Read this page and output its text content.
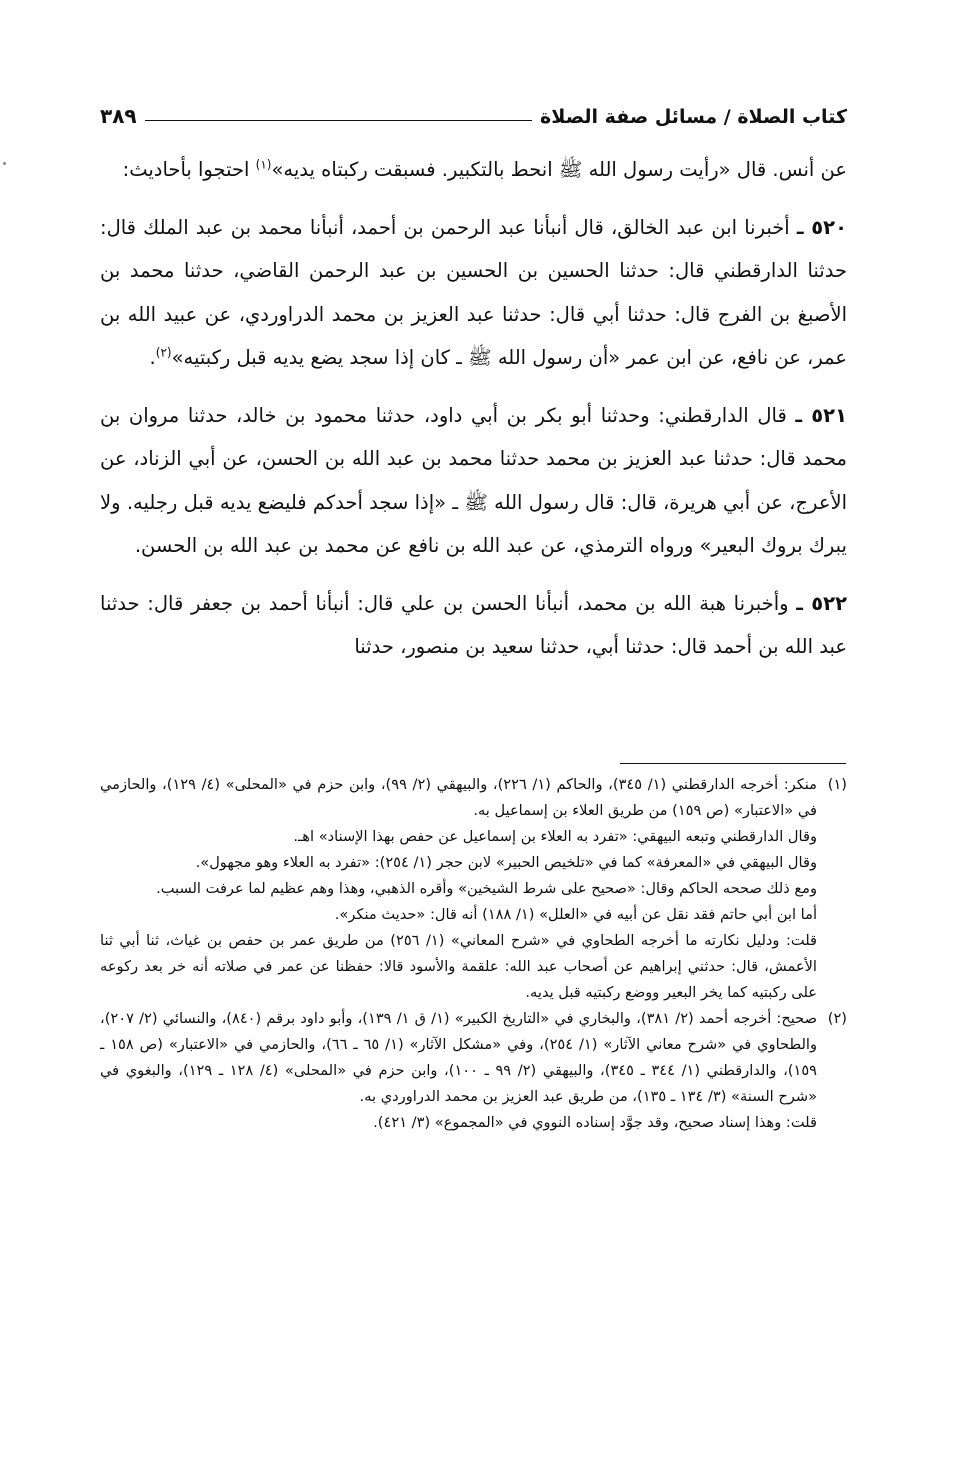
كتاب الصلاة / مسائل صفة الصلاة
٣٨٩

عن أنس. قال «رأيت رسول الله ﷺ انحط بالتكبير. فسبقت ركبتاه يديه»$^{(١)}$ احتجوا بأحاديث:

٥٢٠ ـ أخبرنا ابن عبد الخالق، قال أنبأنا عبد الرحمن بن أحمد، أنبأنا محمد بن عبد الملك قال: حدثنا الدارقطني قال: حدثنا الحسين بن الحسين بن عبد الرحمن القاضي، حدثنا محمد بن الأصبغ بن الفرج قال: حدثنا أبي قال: حدثنا عبد العزيز بن محمد الدراوردي، عن عبيد الله بن عمر، عن نافع، عن ابن عمر «أن رسول الله ﷺ ـ كان إذا سجد يضع يديه قبل ركبتيه»$^{(٢)}$.

٥٢١ ـ قال الدارقطني: وحدثنا أبو بكر بن أبي داود، حدثنا محمود بن خالد، حدثنا مروان بن محمد قال: حدثنا عبد العزيز بن محمد حدثنا محمد بن عبد الله بن الحسن، عن أبي الزناد، عن الأعرج، عن أبي هريرة، قال: قال رسول الله ﷺ ـ «إذا سجد أحدكم فليضع يديه قبل رجليه. ولا يبرك بروك البعير» ورواه الترمذي، عن عبد الله بن نافع عن محمد بن عبد الله بن الحسن.

٥٢٢ ـ وأخبرنا هبة الله بن محمد، أنبأنا الحسن بن علي قال: أنبأنا أحمد بن جعفر قال: حدثنا عبد الله بن أحمد قال: حدثنا أبي، حدثنا سعيد بن منصور، حدثنا

(١)
منكر: أخرجه الدارقطني (١/ ٣٤٥)، والحاكم (١/ ٢٢٦)، والبيهقي (٢/ ٩٩)، وابن حزم في «المحلى» (٤/ ١٢٩)، والحازمي في «الاعتبار» (ص ١٥٩) من طريق العلاء بن إسماعيل به.

وقال الدارقطني وتبعه البيهقي: «تفرد به العلاء بن إسماعيل عن حفص بهذا الإسناد» اهـ.

وقال البيهقي في «المعرفة» كما في «تلخيص الحبير» لابن حجر (١/ ٢٥٤): «تفرد به العلاء وهو مجهول».

ومع ذلك صححه الحاكم وقال: «صحيح على شرط الشيخين» وأقره الذهبي، وهذا وهم عظيم لما عرفت السبب.

أما ابن أبي حاتم فقد نقل عن أبيه في «العلل» (١/ ١٨٨) أنه قال: «حديث منكر».

قلت: ودليل نكارته ما أخرجه الطحاوي في «شرح المعاني» (١/ ٢٥٦) من طريق عمر بن حفص بن غياث، ثنا أبي ثنا الأعمش، قال: حدثني إبراهيم عن أصحاب عبد الله: علقمة والأسود قالا: حفظنا عن عمر في صلاته أنه خر بعد ركوعه على ركبتيه كما يخر البعير ووضع ركبتيه قبل يديه.

(٢)
صحيح: أخرجه أحمد (٢/ ٣٨١)، والبخاري في «التاريخ الكبير» (١/ ق ١/ ١٣٩)، وأبو داود برقم (٨٤٠)، والنسائي (٢/ ٢٠٧)، والطحاوي في «شرح معاني الآثار» (١/ ٢٥٤)، وفي «مشكل الآثار» (١/ ٦٥ ـ ٦٦)، والحازمي في «الاعتبار» (ص ١٥٨ ـ ١٥٩)، والدارقطني (١/ ٣٤٤ ـ ٣٤٥)، والبيهقي (٢/ ٩٩ ـ ١٠٠)، وابن حزم في «المحلى» (٤/ ١٢٨ ـ ١٢٩)، والبغوي في «شرح السنة» (٣/ ١٣٤ ـ ١٣٥)، من طريق عبد العزيز بن محمد الدراوردي به.

قلت: وهذا إسناد صحيح، وقد جوَّد إسناده النووي في «المجموع» (٣/ ٤٢١).
